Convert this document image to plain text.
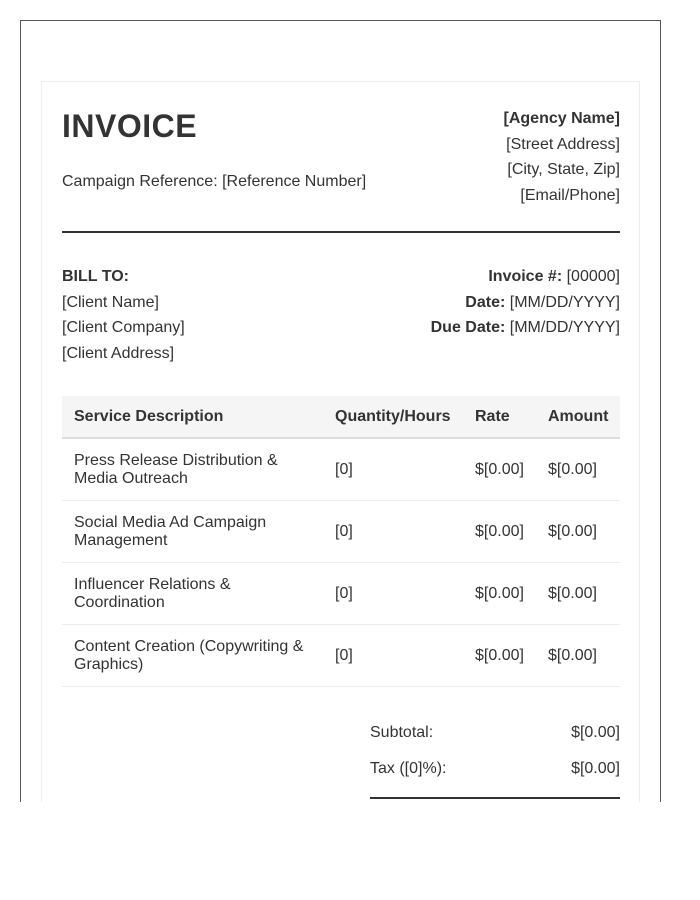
INVOICE
Campaign Reference: [Reference Number]
[Agency Name]
[Street Address]
[City, State, Zip]
[Email/Phone]
BILL TO:
[Client Name]
[Client Company]
[Client Address]
Invoice #: [00000]
Date: [MM/DD/YYYY]
Due Date: [MM/DD/YYYY]
Service Description	Quantity/Hours	Rate	Amount
Press Release Distribution & Media Outreach	[0]	$[0.00]	$[0.00]
Social Media Ad Campaign Management	[0]	$[0.00]	$[0.00]
Influencer Relations & Coordination	[0]	$[0.00]	$[0.00]
Content Creation (Copywriting & Graphics)	[0]	$[0.00]	$[0.00]
Subtotal:	$[0.00]
Tax ([0]%):	$[0.00]
